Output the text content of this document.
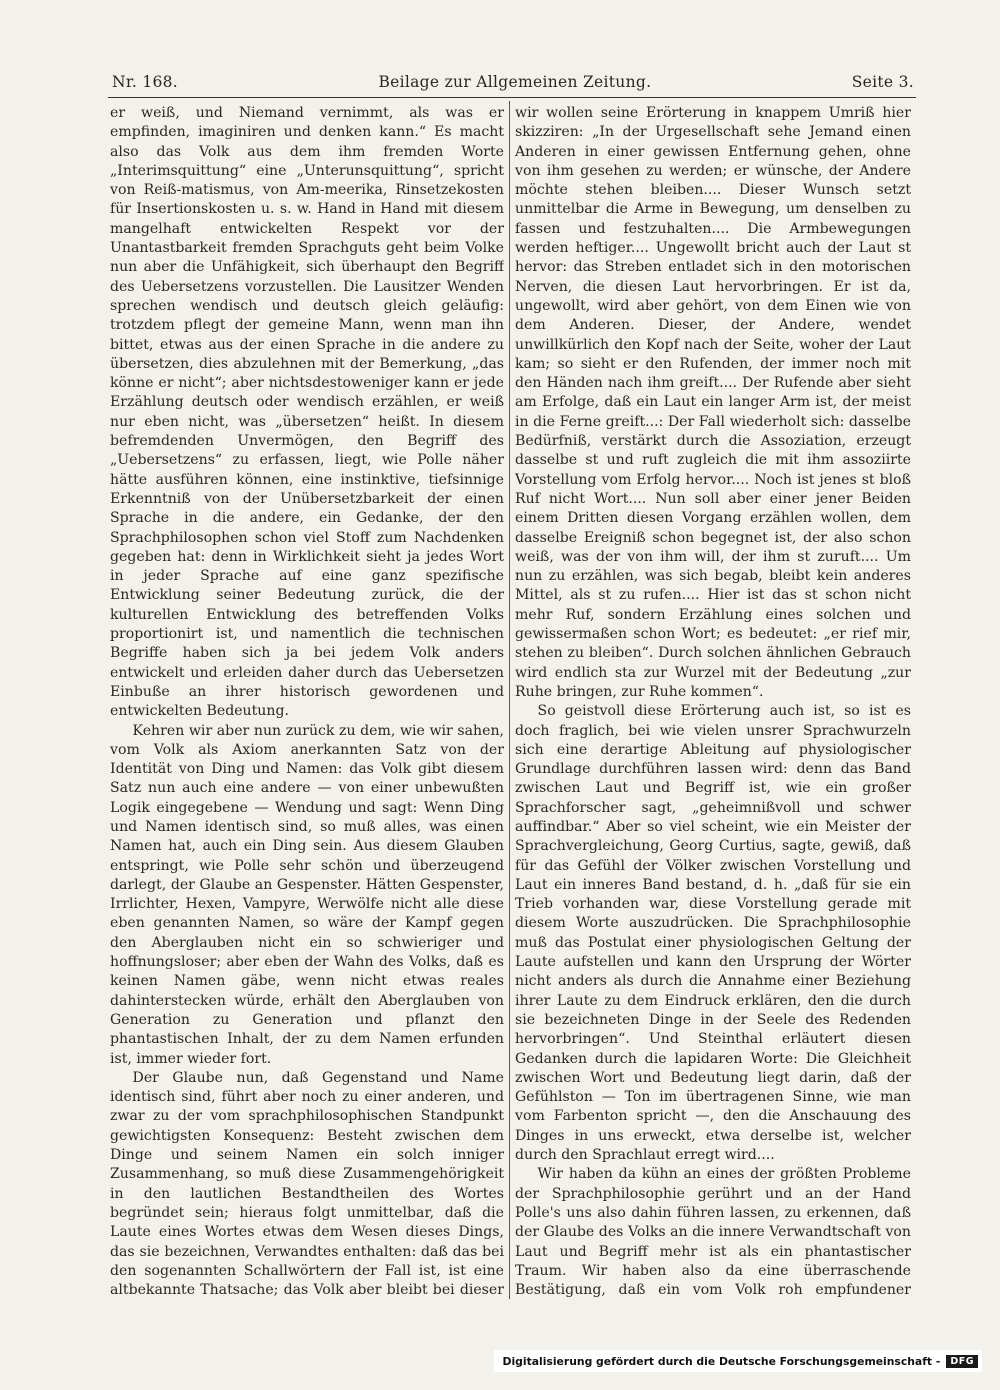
Nr. 168.	Beilage zur Allgemeinen Zeitung.	Seite 3.

er weiß, und Niemand vernimmt, als was er empfinden, imaginiren und denken kann.“ Es macht also das Volk aus dem ihm fremden Worte „Interimsquittung“ eine „Unterunsquittung“, spricht von Reiß-matismus, von Am-meerika, Rinsetzekosten für Insertionskosten u. s. w. Hand in Hand mit diesem mangelhaft entwickelten Respekt vor der Unantastbarkeit fremden Sprachguts geht beim Volke nun aber die Unfähigkeit, sich überhaupt den Begriff des Uebersetzens vorzustellen. Die Lausitzer Wenden sprechen wendisch und deutsch gleich geläufig: trotzdem pflegt der gemeine Mann, wenn man ihn bittet, etwas aus der einen Sprache in die andere zu übersetzen, dies abzulehnen mit der Bemerkung, „das könne er nicht“; aber nichtsdestoweniger kann er jede Erzählung deutsch oder wendisch erzählen, er weiß nur eben nicht, was „übersetzen“ heißt. In diesem befremdenden Unvermögen, den Begriff des „Uebersetzens“ zu erfassen, liegt, wie Polle näher hätte ausführen können, eine instinktive, tiefsinnige Erkenntniß von der Unübersetzbarkeit der einen Sprache in die andere, ein Gedanke, der den Sprachphilosophen schon viel Stoff zum Nachdenken gegeben hat: denn in Wirklichkeit sieht ja jedes Wort in jeder Sprache auf eine ganz spezifische Entwicklung seiner Bedeutung zurück, die der kulturellen Entwicklung des betreffenden Volks proportionirt ist, und namentlich die technischen Begriffe haben sich ja bei jedem Volk anders entwickelt und erleiden daher durch das Uebersetzen Einbuße an ihrer historisch gewordenen und entwickelten Bedeutung.

Kehren wir aber nun zurück zu dem, wie wir sahen, vom Volk als Axiom anerkannten Satz von der Identität von Ding und Namen: das Volk gibt diesem Satz nun auch eine andere — von einer unbewußten Logik eingegebene — Wendung und sagt: Wenn Ding und Namen identisch sind, so muß alles, was einen Namen hat, auch ein Ding sein. Aus diesem Glauben entspringt, wie Polle sehr schön und überzeugend darlegt, der Glaube an Gespenster. Hätten Gespenster, Irrlichter, Hexen, Vampyre, Werwölfe nicht alle diese eben genannten Namen, so wäre der Kampf gegen den Aberglauben nicht ein so schwieriger und hoffnungsloser; aber eben der Wahn des Volks, daß es keinen Namen gäbe, wenn nicht etwas reales dahinterstecken würde, erhält den Aberglauben von Generation zu Generation und pflanzt den phantastischen Inhalt, der zu dem Namen erfunden ist, immer wieder fort.

Der Glaube nun, daß Gegenstand und Name identisch sind, führt aber noch zu einer anderen, und zwar zu der vom sprachphilosophischen Standpunkt gewichtigsten Konsequenz: Besteht zwischen dem Dinge und seinem Namen ein solch inniger Zusammenhang, so muß diese Zusammengehörigkeit in den lautlichen Bestandtheilen des Wortes begründet sein; hieraus folgt unmittelbar, daß die Laute eines Wortes etwas dem Wesen dieses Dings, das sie bezeichnen, Verwandtes enthalten: daß das bei den sogenannten Schallwörtern der Fall ist, ist eine altbekannte Thatsache; das Volk aber bleibt bei dieser

wir wollen seine Erörterung in knappem Umriß hier skizziren: „In der Urgesellschaft sehe Jemand einen Anderen in einer gewissen Entfernung gehen, ohne von ihm gesehen zu werden; er wünsche, der Andere möchte stehen bleiben.... Dieser Wunsch setzt unmittelbar die Arme in Bewegung, um denselben zu fassen und festzuhalten.... Die Armbewegungen werden heftiger.... Ungewollt bricht auch der Laut st hervor: das Streben entladet sich in den motorischen Nerven, die diesen Laut hervorbringen. Er ist da, ungewollt, wird aber gehört, von dem Einen wie von dem Anderen. Dieser, der Andere, wendet unwillkürlich den Kopf nach der Seite, woher der Laut kam; so sieht er den Rufenden, der immer noch mit den Händen nach ihm greift.... Der Rufende aber sieht am Erfolge, daß ein Laut ein langer Arm ist, der meist in die Ferne greift...: Der Fall wiederholt sich: dasselbe Bedürfniß, verstärkt durch die Assoziation, erzeugt dasselbe st und ruft zugleich die mit ihm assoziirte Vorstellung vom Erfolg hervor.... Noch ist jenes st bloß Ruf nicht Wort.... Nun soll aber einer jener Beiden einem Dritten diesen Vorgang erzählen wollen, dem dasselbe Ereigniß schon begegnet ist, der also schon weiß, was der von ihm will, der ihm st zuruft.... Um nun zu erzählen, was sich begab, bleibt kein anderes Mittel, als st zu rufen.... Hier ist das st schon nicht mehr Ruf, sondern Erzählung eines solchen und gewissermaßen schon Wort; es bedeutet: „er rief mir, stehen zu bleiben“. Durch solchen ähnlichen Gebrauch wird endlich sta zur Wurzel mit der Bedeutung „zur Ruhe bringen, zur Ruhe kommen“.

So geistvoll diese Erörterung auch ist, so ist es doch fraglich, bei wie vielen unsrer Sprachwurzeln sich eine derartige Ableitung auf physiologischer Grundlage durchführen lassen wird: denn das Band zwischen Laut und Begriff ist, wie ein großer Sprachforscher sagt, „geheimnißvoll und schwer auffindbar.“ Aber so viel scheint, wie ein Meister der Sprachvergleichung, Georg Curtius, sagte, gewiß, daß für das Gefühl der Völker zwischen Vorstellung und Laut ein inneres Band bestand, d. h. „daß für sie ein Trieb vorhanden war, diese Vorstellung gerade mit diesem Worte auszudrücken. Die Sprachphilosophie muß das Postulat einer physiologischen Geltung der Laute aufstellen und kann den Ursprung der Wörter nicht anders als durch die Annahme einer Beziehung ihrer Laute zu dem Eindruck erklären, den die durch sie bezeichneten Dinge in der Seele des Redenden hervorbringen“. Und Steinthal erläutert diesen Gedanken durch die lapidaren Worte: Die Gleichheit zwischen Wort und Bedeutung liegt darin, daß der Gefühlston — Ton im übertragenen Sinne, wie man vom Farbenton spricht —, den die Anschauung des Dinges in uns erweckt, etwa derselbe ist, welcher durch den Sprachlaut erregt wird....

Wir haben da kühn an eines der größten Probleme der Sprachphilosophie gerührt und an der Hand Polle's uns also dahin führen lassen, zu erkennen, daß der Glaube des Volks an die innere Verwandtschaft von Laut und Begriff mehr ist als ein phantastischer Traum. Wir haben also da eine überraschende Bestätigung, daß ein vom Volk roh empfundener

Digitalisierung gefördert durch die Deutsche Forschungsgemeinschaft -	DFG
